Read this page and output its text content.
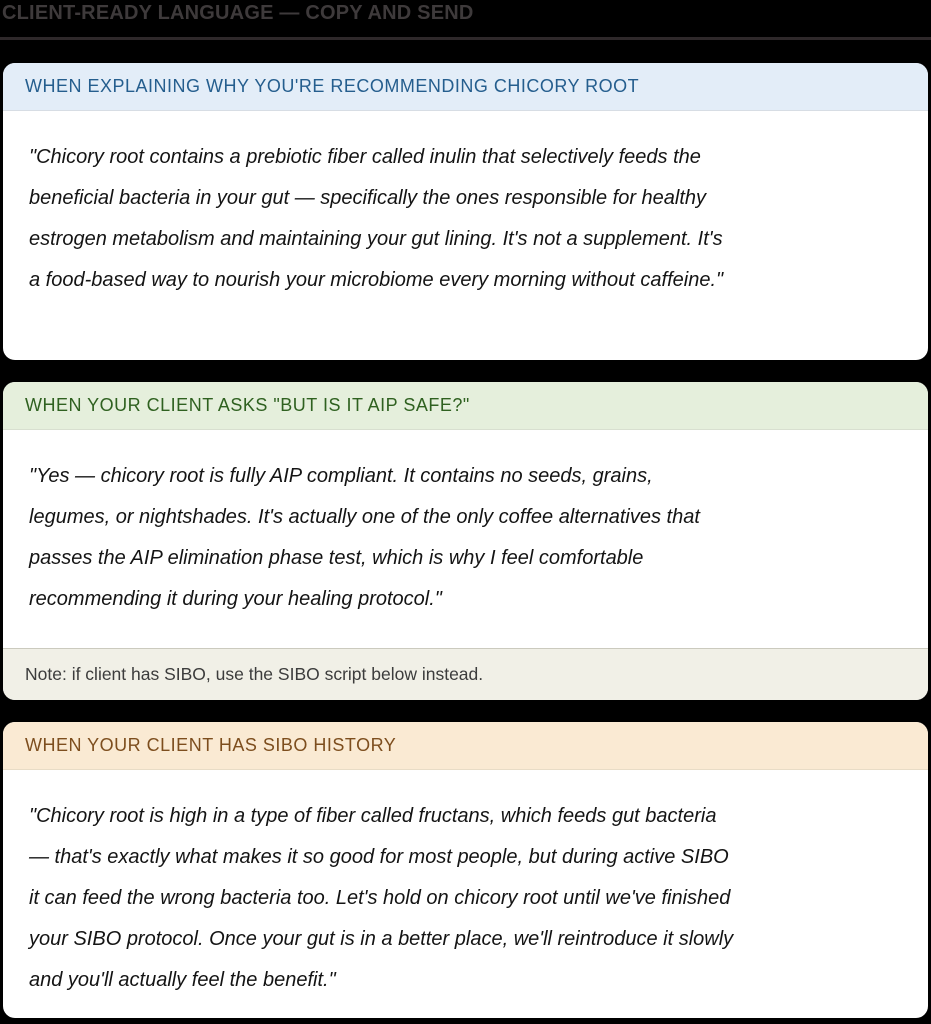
CLIENT-READY LANGUAGE — COPY AND SEND
WHEN EXPLAINING WHY YOU'RE RECOMMENDING CHICORY ROOT
"Chicory root contains a prebiotic fiber called inulin that selectively feeds the
beneficial bacteria in your gut — specifically the ones responsible for healthy
estrogen metabolism and maintaining your gut lining. It's not a supplement. It's
a food-based way to nourish your microbiome every morning without caffeine."
WHEN YOUR CLIENT ASKS "BUT IS IT AIP SAFE?"
"Yes — chicory root is fully AIP compliant. It contains no seeds, grains,
legumes, or nightshades. It's actually one of the only coffee alternatives that
passes the AIP elimination phase test, which is why I feel comfortable
recommending it during your healing protocol."
Note: if client has SIBO, use the SIBO script below instead.
WHEN YOUR CLIENT HAS SIBO HISTORY
"Chicory root is high in a type of fiber called fructans, which feeds gut bacteria
— that's exactly what makes it so good for most people, but during active SIBO
it can feed the wrong bacteria too. Let's hold on chicory root until we've finished
your SIBO protocol. Once your gut is in a better place, we'll reintroduce it slowly
and you'll actually feel the benefit."
